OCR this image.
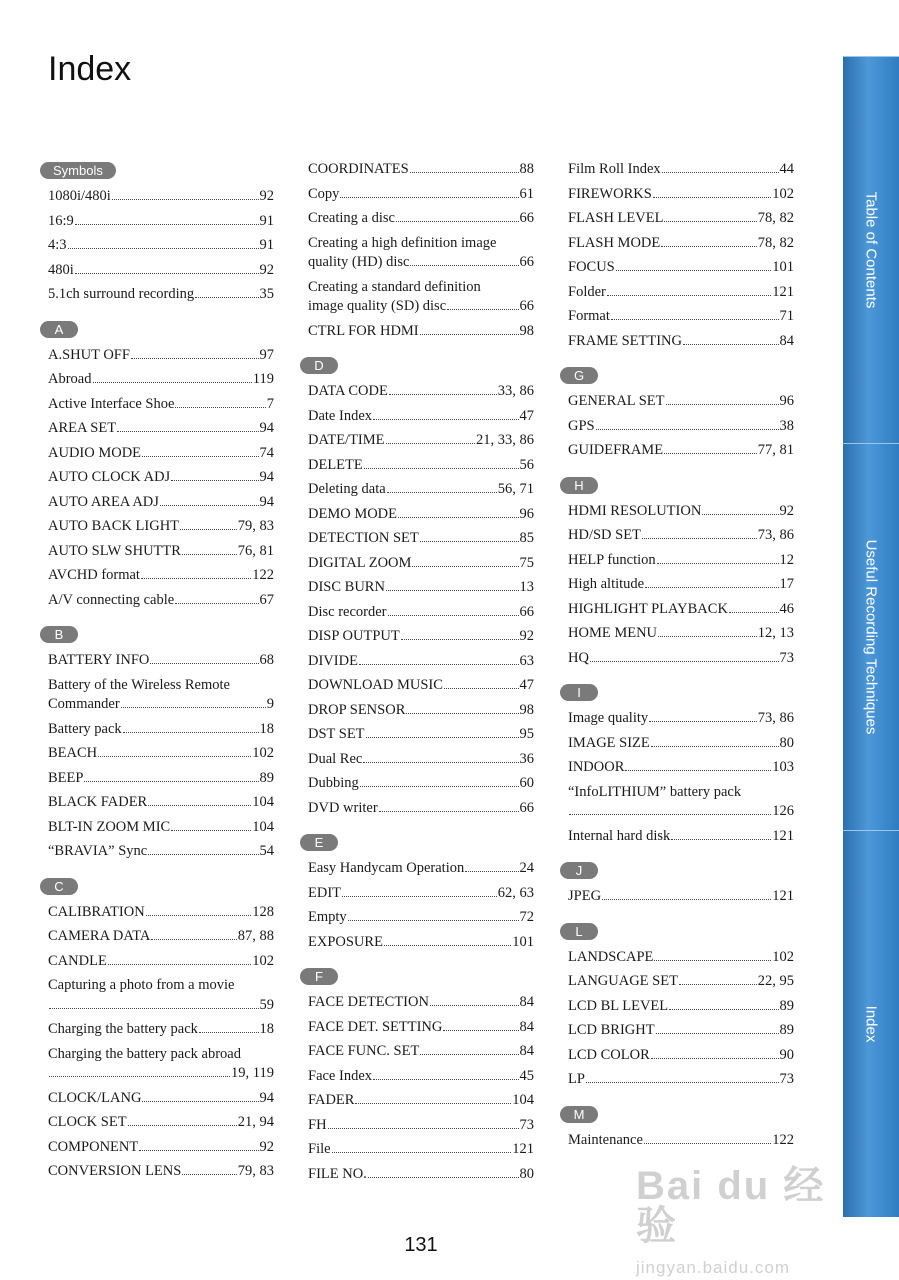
Index
Symbols
1080i/480i	92
16:9	91
4:3	91
480i	92
5.1ch surround recording	35
A
A.SHUT OFF	97
Abroad	119
Active Interface Shoe	7
AREA SET	94
AUDIO MODE	74
AUTO CLOCK ADJ	94
AUTO AREA ADJ	94
AUTO BACK LIGHT	79, 83
AUTO SLW SHUTTR	76, 81
AVCHD format	122
A/V connecting cable	67
B
BATTERY INFO	68
Battery of the Wireless Remote
Commander	9
Battery pack	18
BEACH	102
BEEP	89
BLACK FADER	104
BLT-IN ZOOM MIC	104
“BRAVIA” Sync	54
C
CALIBRATION	128
CAMERA DATA	87, 88
CANDLE	102
Capturing a photo from a movie
59
Charging the battery pack	18
Charging the battery pack abroad
19, 119
CLOCK/LANG	94
CLOCK SET	21, 94
COMPONENT	92
CONVERSION LENS	79, 83
COORDINATES	88
Copy	61
Creating a disc	66
Creating a high definition image
quality (HD) disc	66
Creating a standard definition
image quality (SD) disc	66
CTRL FOR HDMI	98
D
DATA CODE	33, 86
Date Index	47
DATE/TIME	21, 33, 86
DELETE	56
Deleting data	56, 71
DEMO MODE	96
DETECTION SET	85
DIGITAL ZOOM	75
DISC BURN	13
Disc recorder	66
DISP OUTPUT	92
DIVIDE	63
DOWNLOAD MUSIC	47
DROP SENSOR	98
DST SET	95
Dual Rec	36
Dubbing	60
DVD writer	66
E
Easy Handycam Operation	24
EDIT	62, 63
Empty	72
EXPOSURE	101
F
FACE DETECTION	84
FACE DET. SETTING	84
FACE FUNC. SET	84
Face Index	45
FADER	104
FH	73
File	121
FILE NO.	80
Film Roll Index	44
FIREWORKS	102
FLASH LEVEL	78, 82
FLASH MODE	78, 82
FOCUS	101
Folder	121
Format	71
FRAME SETTING	84
G
GENERAL SET	96
GPS	38
GUIDEFRAME	77, 81
H
HDMI RESOLUTION	92
HD/SD SET	73, 86
HELP function	12
High altitude	17
HIGHLIGHT PLAYBACK	46
HOME MENU	12, 13
HQ	73
I
Image quality	73, 86
IMAGE SIZE	80
INDOOR	103
“InfoLITHIUM” battery pack
126
Internal hard disk	121
J
JPEG	121
L
LANDSCAPE	102
LANGUAGE SET	22, 95
LCD BL LEVEL	89
LCD BRIGHT	89
LCD COLOR	90
LP	73
M
Maintenance	122
131
Table of Contents
Useful Recording Techniques
Index
Bai du 经验
jingyan.baidu.com
